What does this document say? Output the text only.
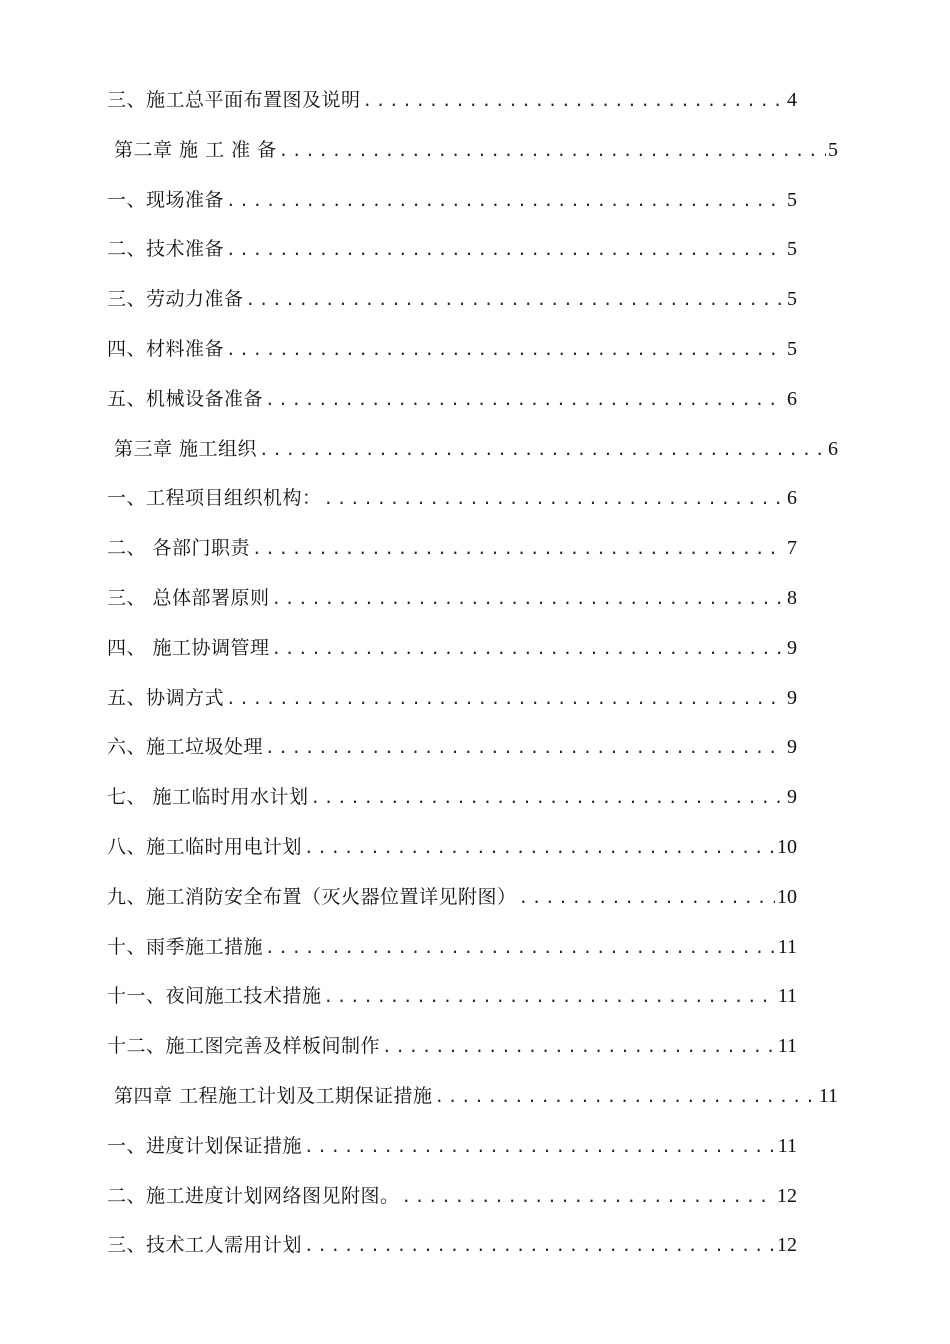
三、施工总平面布置图及说明 .....	4
第二章 施 工 准 备 .....	5
一、现场准备 .....	5
二、技术准备 .....	5
三、劳动力准备 .....	5
四、材料准备 .....	5
五、机械设备准备 .....	6
第三章 施工组织 .....	6
一、工程项目组织机构： .....	6
二、 各部门职责 .....	7
三、 总体部署原则 .....	8
四、 施工协调管理 .....	9
五、协调方式 .....	9
六、施工垃圾处理 .....	9
七、 施工临时用水计划 .....	9
八、施工临时用电计划 .....	10
九、施工消防安全布置（灭火器位置详见附图） .....	10
十、雨季施工措施 .....	11
十一、夜间施工技术措施 .....	11
十二、施工图完善及样板间制作 .....	11
第四章 工程施工计划及工期保证措施 .....	11
一、进度计划保证措施 .....	11
二、施工进度计划网络图见附图。 .....	12
三、技术工人需用计划 .....	12
